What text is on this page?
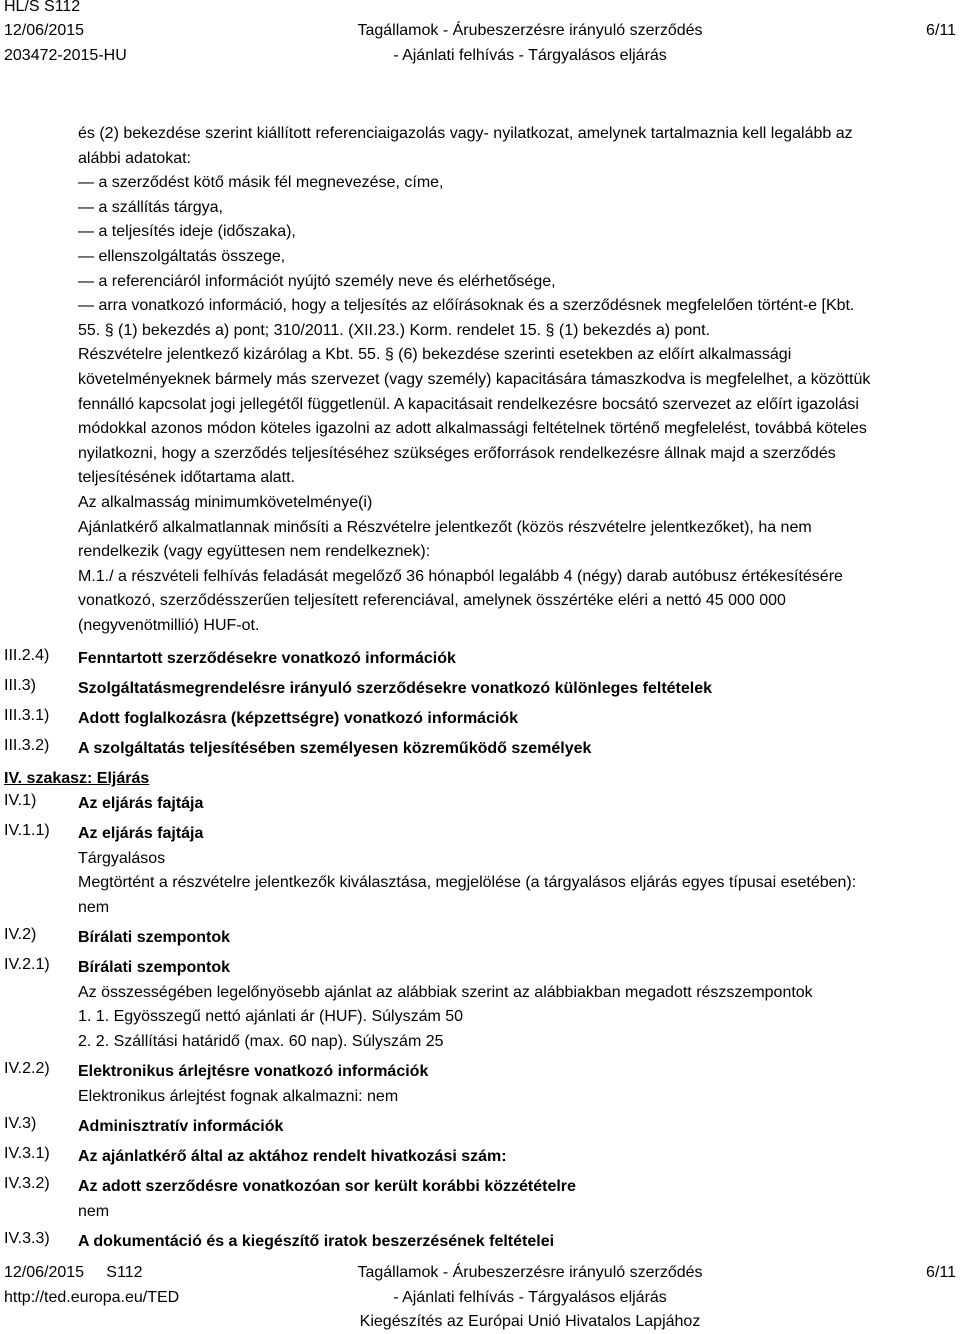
HL/S S112
12/06/2015
203472-2015-HU
Tagállamok - Árubeszerzésre irányuló szerződés
- Ajánlati felhívás - Tárgyalásos eljárás
6/11
és (2) bekezdése szerint kiállított referenciaigazolás vagy- nyilatkozat, amelynek tartalmaznia kell legalább az
alábbi adatokat:
— a szerződést kötő másik fél megnevezése, címe,
— a szállítás tárgya,
— a teljesítés ideje (időszaka),
— ellenszolgáltatás összege,
— a referenciáról információt nyújtó személy neve és elérhetősége,
— arra vonatkozó információ, hogy a teljesítés az előírásoknak és a szerződésnek megfelelően történt-e [Kbt.
55. § (1) bekezdés a) pont; 310/2011. (XII.23.) Korm. rendelet 15. § (1) bekezdés a) pont.
Részvételre jelentkező kizárólag a Kbt. 55. § (6) bekezdése szerinti esetekben az előírt alkalmassági
követelményeknek bármely más szervezet (vagy személy) kapacitására támaszkodva is megfelelhet, a közöttük
fennálló kapcsolat jogi jellegétől függetlenül. A kapacitásait rendelkezésre bocsátó szervezet az előírt igazolási
módokkal azonos módon köteles igazolni az adott alkalmassági feltételnek történő megfelelést, továbbá köteles
nyilatkozni, hogy a szerződés teljesítéséhez szükséges erőforrások rendelkezésre állnak majd a szerződés
teljesítésének időtartama alatt.
Az alkalmasság minimumkövetelménye(i)
Ajánlatkérő alkalmatlannak minősíti a Részvételre jelentkezőt (közös részvételre jelentkezőket), ha nem
rendelkezik (vagy együttesen nem rendelkeznek):
M.1./ a részvételi felhívás feladását megelőző 36 hónapból legalább 4 (négy) darab autóbusz értékesítésére
vonatkozó, szerződésszerűen teljesített referenciával, amelynek összértéke eléri a nettó 45 000 000
(negyvenötmillió) HUF-ot.
III.2.4) Fenntartott szerződésekre vonatkozó információk
III.3)	Szolgáltatásmegrendelésre irányuló szerződésekre vonatkozó különleges feltételek
III.3.1) Adott foglalkozásra (képzettségre) vonatkozó információk
III.3.2) A szolgáltatás teljesítésében személyesen közreműködő személyek
IV. szakasz: Eljárás
IV.1)	Az eljárás fajtája
IV.1.1) Az eljárás fajtája
Tárgyalásos
Megtörtént a részvételre jelentkezők kiválasztása, megjelölése (a tárgyalásos eljárás egyes típusai esetében):
nem
IV.2)	Bírálati szempontok
IV.2.1) Bírálati szempontok
Az összességében legelőnyösebb ajánlat az alábbiak szerint az alábbiakban megadott részszempontok
1. 1. Egyösszegű nettó ajánlati ár (HUF). Súlyszám 50
2. 2. Szállítási határidő (max. 60 nap). Súlyszám 25
IV.2.2) Elektronikus árlejtésre vonatkozó információk
Elektronikus árlejtést fognak alkalmazni: nem
IV.3)	Adminisztratív információk
IV.3.1) Az ajánlatkérő által az aktához rendelt hivatkozási szám:
IV.3.2) Az adott szerződésre vonatkozóan sor került korábbi közzétételre
nem
IV.3.3) A dokumentáció és a kiegészítő iratok beszerzésének feltételei
12/06/2015     S112
http://ted.europa.eu/TED
Tagállamok - Árubeszerzésre irányuló szerződés
- Ajánlati felhívás - Tárgyalásos eljárás
Kiegészítés az Európai Unió Hivatalos Lapjához
6/11
